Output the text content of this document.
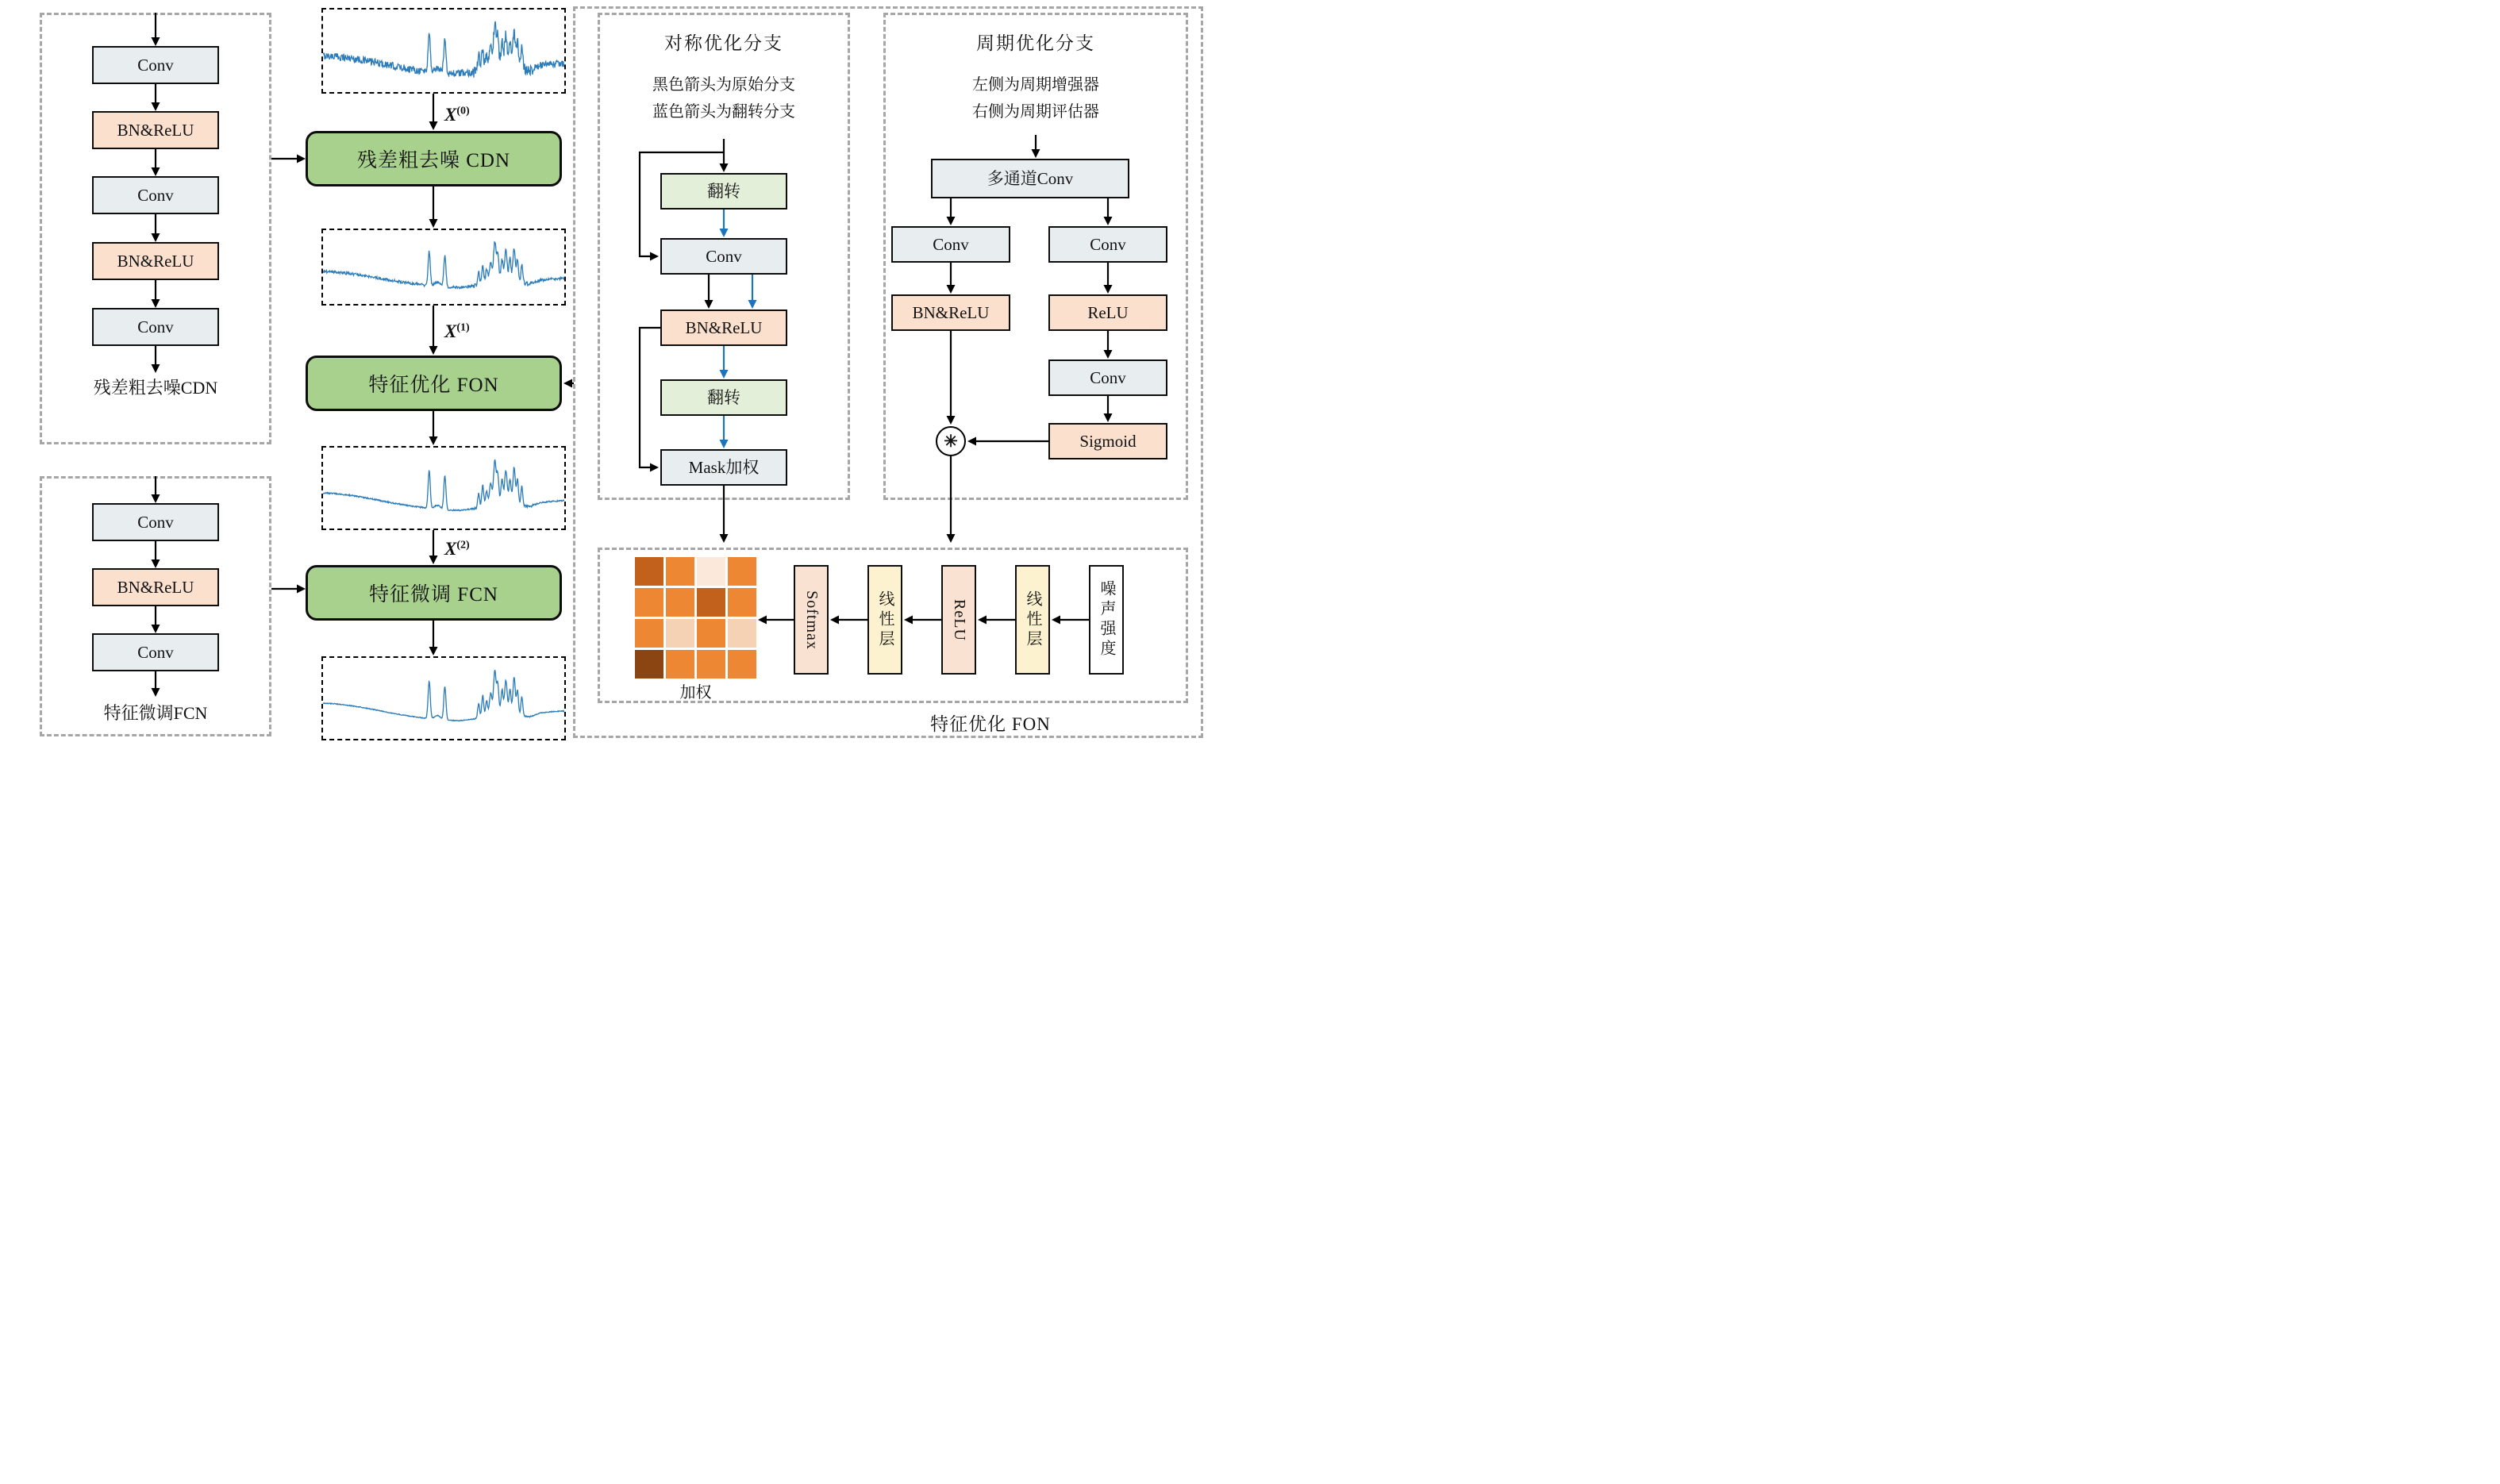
Conv
BN&ReLU
Conv
BN&ReLU
Conv
残差粗去噪CDN
Conv
BN&ReLU
Conv
特征微调FCN
$X^{(0)}$
残差粗去噪 CDN
$X^{(1)}$
特征优化 FON
$X^{(2)}$
特征微调 FCN
对称优化分支
黑色箭头为原始分支
蓝色箭头为翻转分支
翻转
Conv
BN&ReLU
翻转
Mask加权
周期优化分支
左侧为周期增强器
右侧为周期评估器
多通道Conv
Conv	Conv
BN&ReLU	ReLU
Conv
Sigmoid
✳
加权
Softmax	线性层	ReLU	线性层	噪声强度
特征优化 FON
